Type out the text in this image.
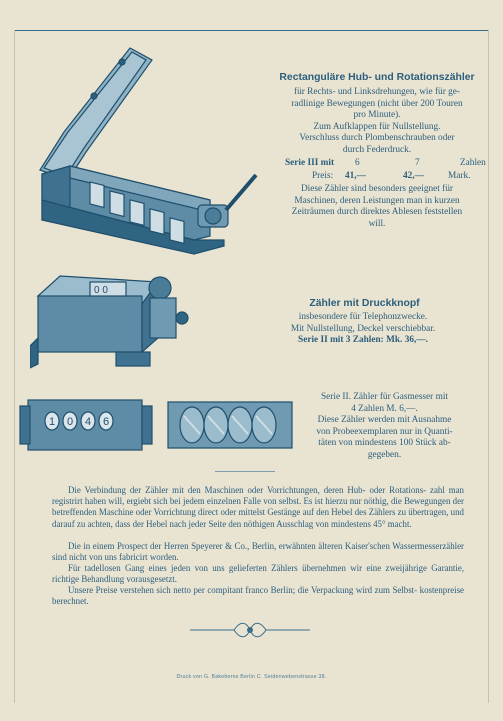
Rectanguläre Hub- und Rotationszähler
für Rechts- und Linksdrehungen, wie für ge-
radlinige Bewegungen (nicht über 200 Touren
pro Minute).
Zum Aufklappen für Nullstellung.
Verschluss durch Plombenschrauben oder
durch Federdruck.
Serie III mit	6	7	Zahlen
Preis:	41,—	42,—	Mark.
Diese Zähler sind besonders geeignet für
Maschinen, deren Leistungen man in kurzen
Zeiträumen durch direktes Ablesen feststellen
will.
0 0
Zähler mit Druckknopf
insbesondere für Telephonzwecke.
Mit Nullstellung, Deckel verschiebbar.
Serie II mit 3 Zahlen: Mk. 36,—.
1 0 4 6
Serie II. Zähler für Gasmesser mit
4 Zahlen M. 6,—.
Diese Zähler werden mit Ausnahme
von Probeexemplaren nur in Quanti-
täten von mindestens 100 Stück ab-
gegeben.
Die Verbindung der Zähler mit den Maschinen oder Vorrichtungen, deren Hub- oder Rotations- zahl man registrirt haben will, ergiebt sich bei jedem einzelnen Falle von selbst. Es ist hierzu nur nöthig, die Bewegungen der betreffenden Maschine oder Vorrichtung direct oder mittelst Gestänge auf den Hebel des Zählers zu übertragen, und darauf zu achten, dass der Hebel nach jeder Seite den nöthigen Ausschlag von mindestens 45° macht.
Die in einem Prospect der Herren Speyerer & Co., Berlin, erwähnten älteren Kaiser'schen Wassermesserzähler sind nicht von uns fabricirt worden.
Für tadellosen Gang eines jeden von uns gelieferten Zählers übernehmen wir eine zweijährige Garantie, richtige Behandlung vorausgesetzt.
Unsere Preise verstehen sich netto per compitant franco Berlin; die Verpackung wird zum Selbst- kostenpreise berechnet.
Druck von G. Bakeberns Berlin C. Seidenwebenstrasse 38.
